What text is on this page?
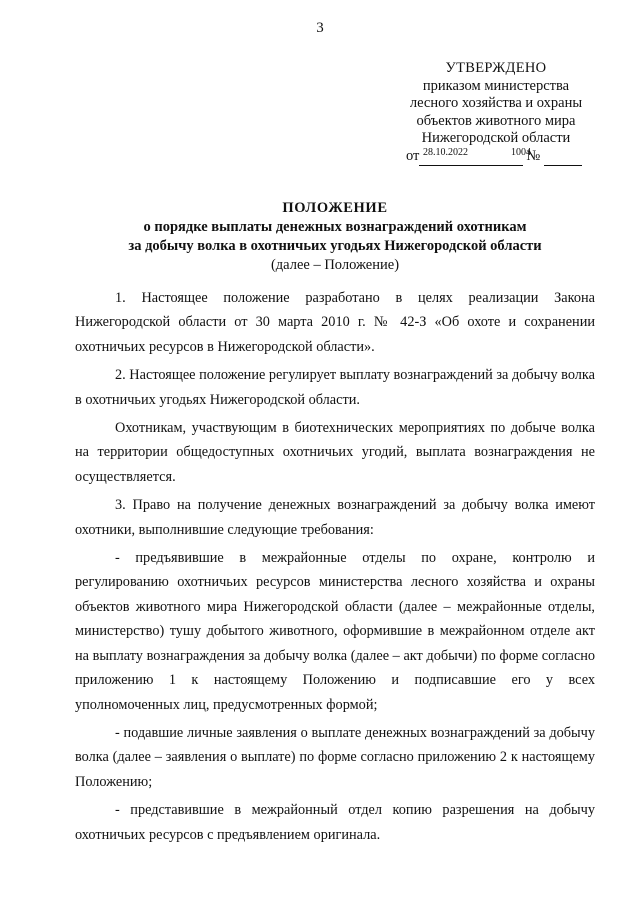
3
УТВЕРЖДЕНО
приказом министерства
лесного хозяйства и охраны
объектов животного мира
Нижегородской области
от	№
28.10.2022	1004
ПОЛОЖЕНИЕ
о порядке выплаты денежных вознаграждений охотникам
за добычу волка в охотничьих угодьях Нижегородской области
(далее – Положение)

1. Настоящее положение разработано в целях реализации Закона Нижегородской области от 30 марта 2010 г. № 42-З «Об охоте и сохранении охотничьих ресурсов в Нижегородской области».

2. Настоящее положение регулирует выплату вознаграждений за добычу волка в охотничьих угодьях Нижегородской области.

Охотникам, участвующим в биотехнических мероприятиях по добыче волка на территории общедоступных охотничьих угодий, выплата вознаграждения не осуществляется.

3. Право на получение денежных вознаграждений за добычу волка имеют охотники, выполнившие следующие требования:

- предъявившие в межрайонные отделы по охране, контролю и регулированию охотничьих ресурсов министерства лесного хозяйства и охраны объектов животного мира Нижегородской области (далее – межрайонные отделы, министерство) тушу добытого животного, оформившие в межрайонном отделе акт на выплату вознаграждения за добычу волка (далее – акт добычи) по форме согласно приложению 1 к настоящему Положению и подписавшие его у всех уполномоченных лиц, предусмотренных формой;

- подавшие личные заявления о выплате денежных вознаграждений за добычу волка (далее – заявления о выплате) по форме согласно приложению 2 к настоящему Положению;

- представившие в межрайонный отдел копию разрешения на добычу охотничьих ресурсов с предъявлением оригинала.
